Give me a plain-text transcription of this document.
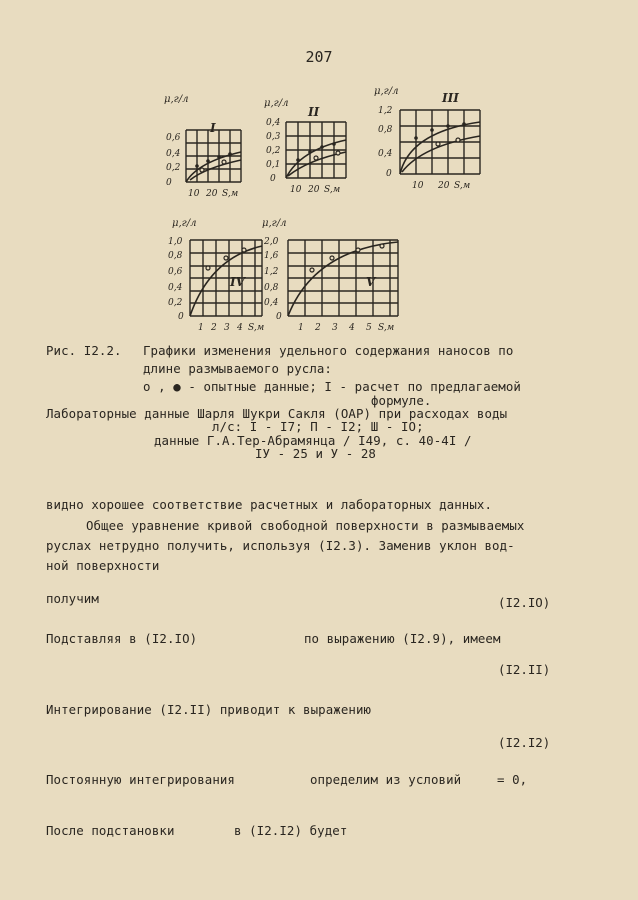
207
μ,г/л
I
0,6
0,4
0,2
0
10 20 S,м
μ,г/л
II
0,4
0,3
0,2
0,1
0
10 20 S,м
μ,г/л	III
1,2
0,8
0,4
0
10 20 S,м
μ,г/л
IV
1,0
0,8
0,6
0,4
0,2
0
1 2 3 4 S,м
μ,г/л
V
2,0
1,6
1,2
0,8
0,4
0
1 2 3 4 5 S,м
Рис. I2.2. Графики изменения удельного содержания наносов по
длине размываемого русла:
о , ● - опытные данные; I - расчет по предлагаемой
формуле.
Лабораторные данные Шарля Шукри Сакля (ОАР) при расходах воды
л/с: I - I7; П - I2; Ш - IO;
данные Г.А.Тер-Абрамянца / I49, с. 40-4I /
IУ - 25 и У - 28
видно хорошее соответствие расчетных и лабораторных данных.
Общее уравнение кривой свободной поверхности в размываемых
руслах нетрудно получить, используя (I2.3). Заменив уклон вод-
ной поверхности
получим	(I2.IO)
Подставляя в (I2.IO)	по выражению (I2.9), имеем
(I2.II)
Интегрирование (I2.II) приводит к выражению
(I2.I2)
Постоянную интегрирования	определим из условий	= 0,
После подстановки	в (I2.I2) будет
